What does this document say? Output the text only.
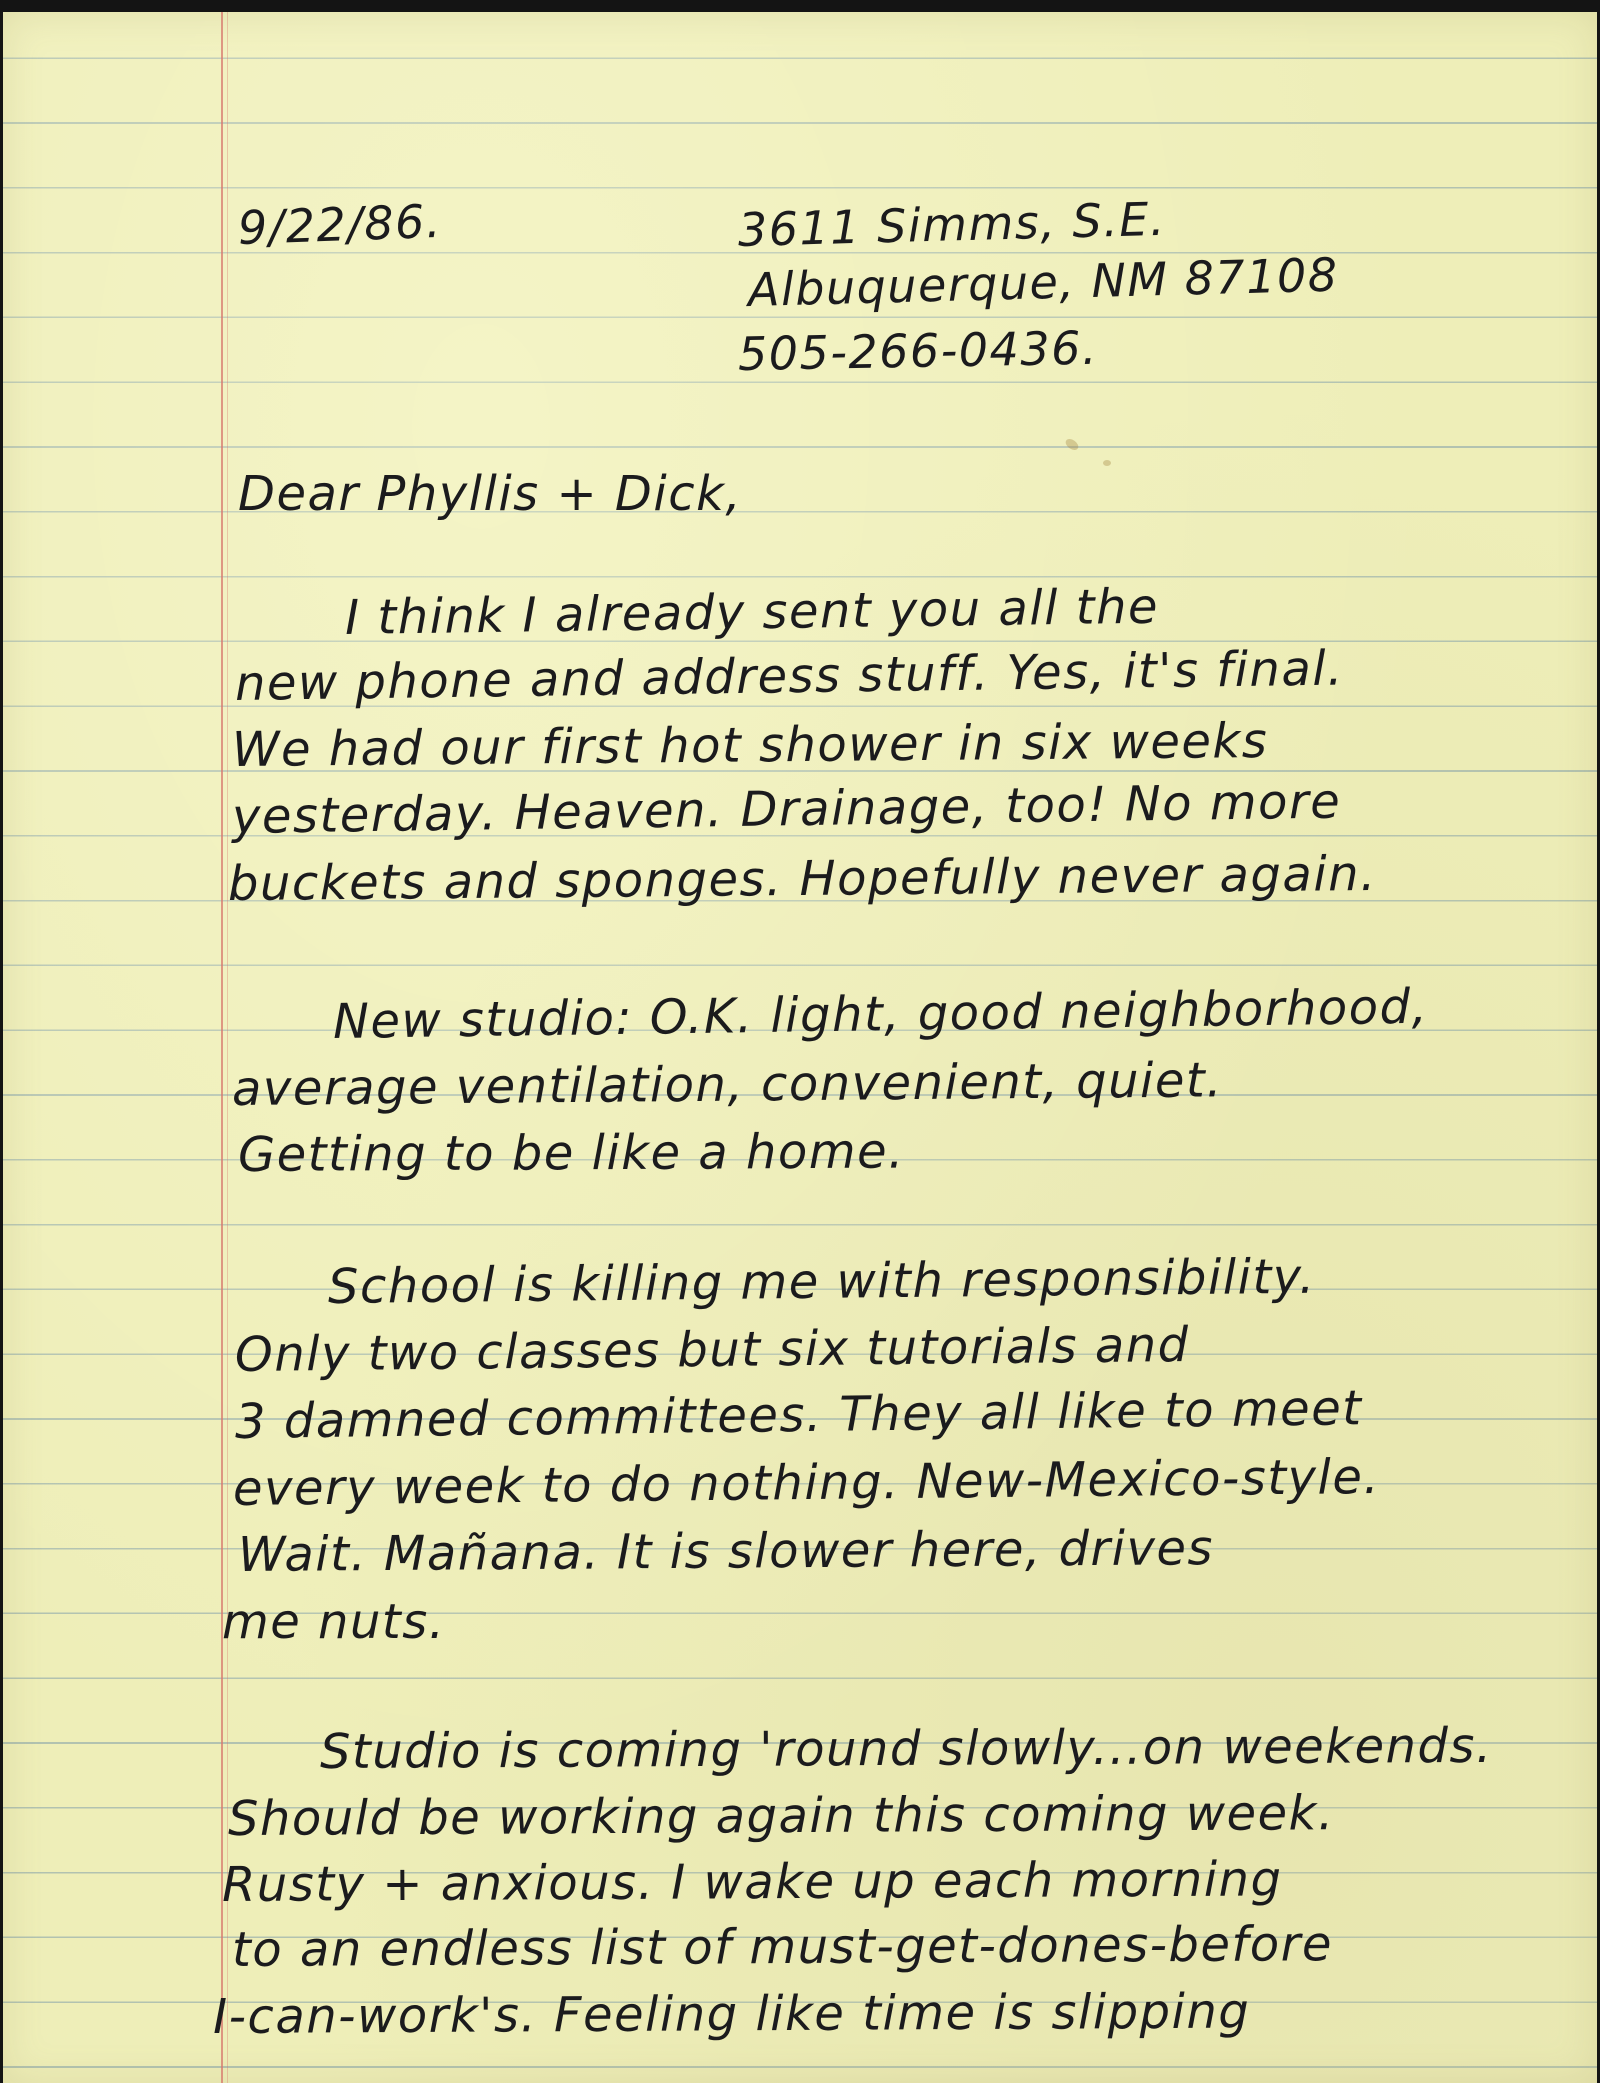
9/22/86.	3611 Simms, S.E.
Albuquerque, NM 87108
505-266-0436.
Dear Phyllis + Dick,
I think I already sent you all the
new phone and address stuff. Yes, it's final.
We had our first hot shower in six weeks
yesterday. Heaven. Drainage, too! No more
buckets and sponges. Hopefully never again.
New studio: O.K. light, good neighborhood,
average ventilation, convenient, quiet.
Getting to be like a home.
School is killing me with responsibility.
Only two classes but six tutorials and
3 damned committees. They all like to meet
every week to do nothing. New-Mexico-style.
Wait. Mañana. It is slower here, drives
me nuts.
Studio is coming 'round slowly...on weekends.
Should be working again this coming week.
Rusty + anxious. I wake up each morning
to an endless list of must-get-dones-before
I-can-work's. Feeling like time is slipping
